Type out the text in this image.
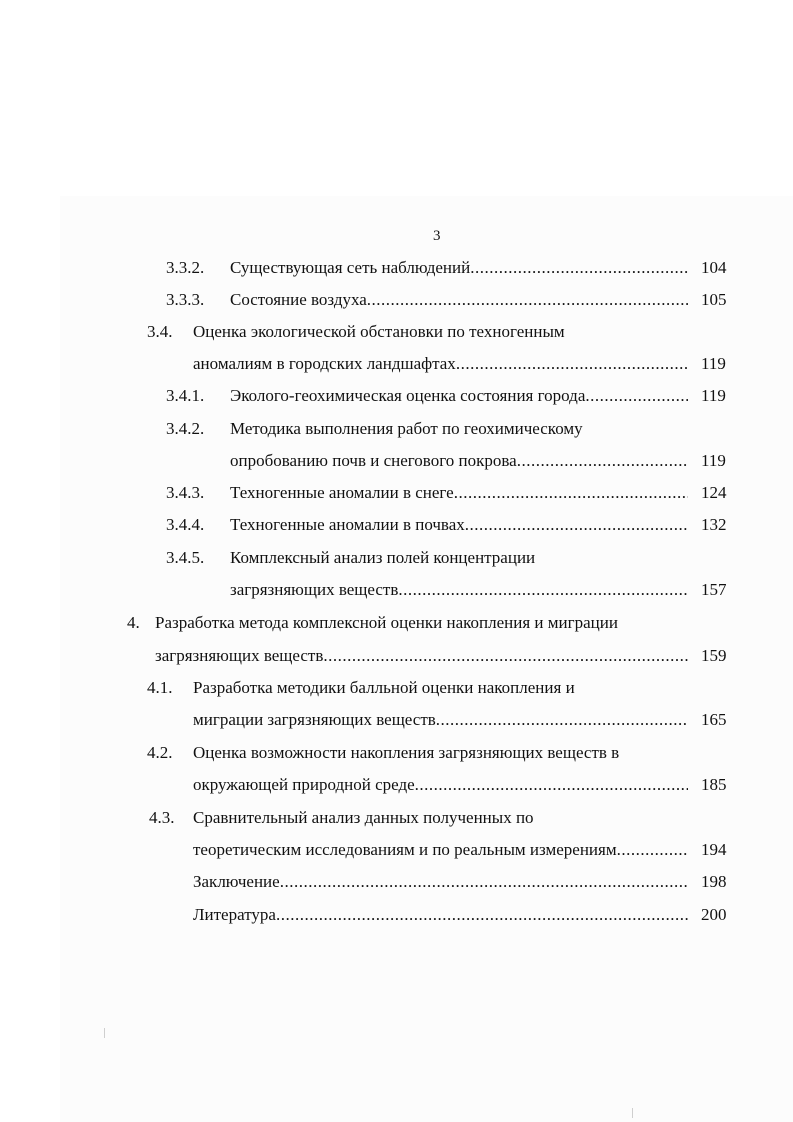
3
3.3.2. Существующая сеть наблюдений .....	104
3.3.3. Состояние воздуха .....	105
3.4. Оценка экологической обстановки по техногенным
аномалиям в городских ландшафтах .....	119
3.4.1. Эколого-геохимическая оценка состояния города .....	119
3.4.2. Методика выполнения работ по геохимическому
опробованию почв и снегового покрова .....	119
3.4.3. Техногенные аномалии в снеге .....	124
3.4.4. Техногенные аномалии в почвах .....	132
3.4.5. Комплексный анализ полей концентрации
загрязняющих веществ .....	157
4. Разработка метода комплексной оценки накопления и миграции
загрязняющих веществ .....	159
4.1. Разработка методики балльной оценки накопления и
миграции загрязняющих веществ .....	165
4.2. Оценка возможности накопления загрязняющих веществ в
окружающей природной среде .....	185
4.3. Сравнительный анализ данных полученных по
теоретическим исследованиям и по реальным измерениям .....	194
Заключение .....	198
Литература .....	200
